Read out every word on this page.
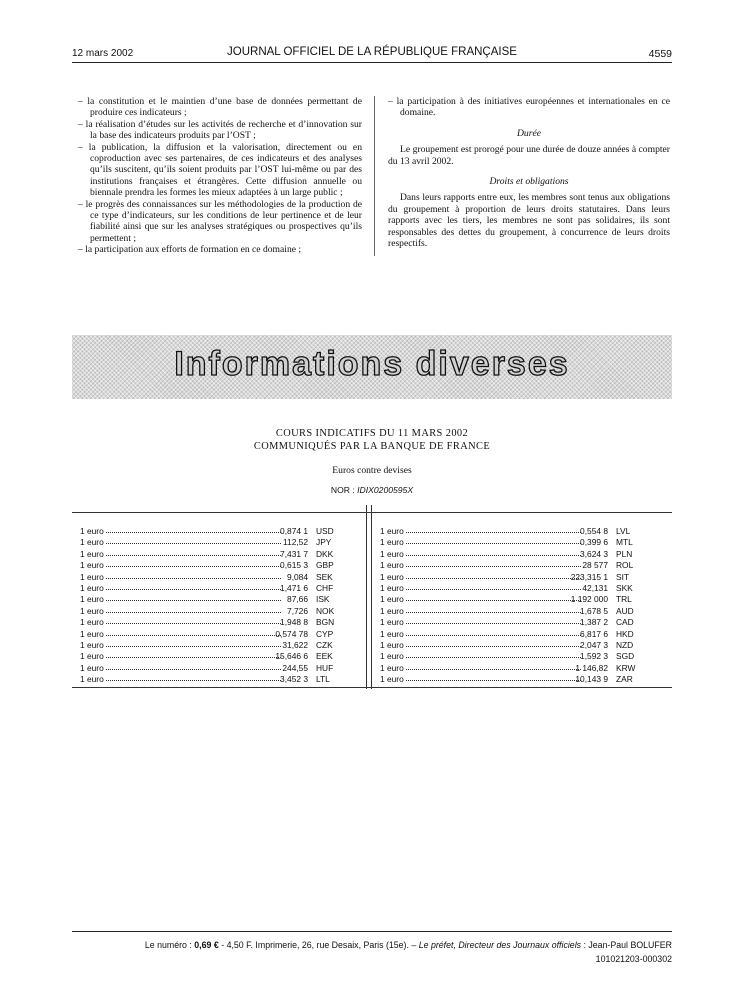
12 mars 2002	JOURNAL OFFICIEL DE LA RÉPUBLIQUE FRANÇAISE	4559
– la constitution et le maintien d’une base de données permettant de produire ces indicateurs ;
– la réalisation d’études sur les activités de recherche et d’innovation sur la base des indicateurs produits par l’OST ;
– la publication, la diffusion et la valorisation, directement ou en coproduction avec ses partenaires, de ces indicateurs et des analyses qu’ils suscitent, qu’ils soient produits par l’OST lui-même ou par des institutions françaises et étrangères. Cette diffusion annuelle ou biennale prendra les formes les mieux adaptées à un large public ;
– le progrès des connaissances sur les méthodologies de la production de ce type d’indicateurs, sur les conditions de leur pertinence et de leur fiabilité ainsi que sur les analyses stratégiques ou prospectives qu’ils permettent ;
– la participation aux efforts de formation en ce domaine ;
– la participation à des initiatives européennes et internationales en ce domaine.
Durée
Le groupement est prorogé pour une durée de douze années à compter du 13 avril 2002.
Droits et obligations
Dans leurs rapports entre eux, les membres sont tenus aux obligations du groupement à proportion de leurs droits statutaires. Dans leurs rapports avec les tiers, les membres ne sont pas solidaires, ils sont responsables des dettes du groupement, à concurrence de leurs droits respectifs.
Informations diverses
COURS INDICATIFS DU 11 MARS 2002
COMMUNIQUÉS PAR LA BANQUE DE FRANCE
Euros contre devises
NOR : IDIX0200595X
1 euro	0,874 1 USD
1 euro	112,52 JPY
1 euro	7,431 7 DKK
1 euro	0,615 3 GBP
1 euro	9,084 SEK
1 euro	1,471 6 CHF
1 euro	87,66 ISK
1 euro	7,726 NOK
1 euro	1,948 8 BGN
1 euro	0,574 78 CYP
1 euro	31,622 CZK
1 euro	15,646 6 EEK
1 euro	244,55 HUF
1 euro	3,452 3 LTL
1 euro	0,554 8 LVL
1 euro	0,399 6 MTL
1 euro	3,624 3 PLN
1 euro	28 577 ROL
1 euro	223,315 1 SIT
1 euro	42,131 SKK
1 euro	1 192 000 TRL
1 euro	1,678 5 AUD
1 euro	1,387 2 CAD
1 euro	6,817 6 HKD
1 euro	2,047 3 NZD
1 euro	1,592 3 SGD
1 euro	1 146,82 KRW
1 euro	10,143 9 ZAR
Le numéro : 0,69 € - 4,50 F. Imprimerie, 26, rue Desaix, Paris (15e). – Le préfet, Directeur des Journaux officiels : Jean-Paul BOLUFER
101021203-000302
